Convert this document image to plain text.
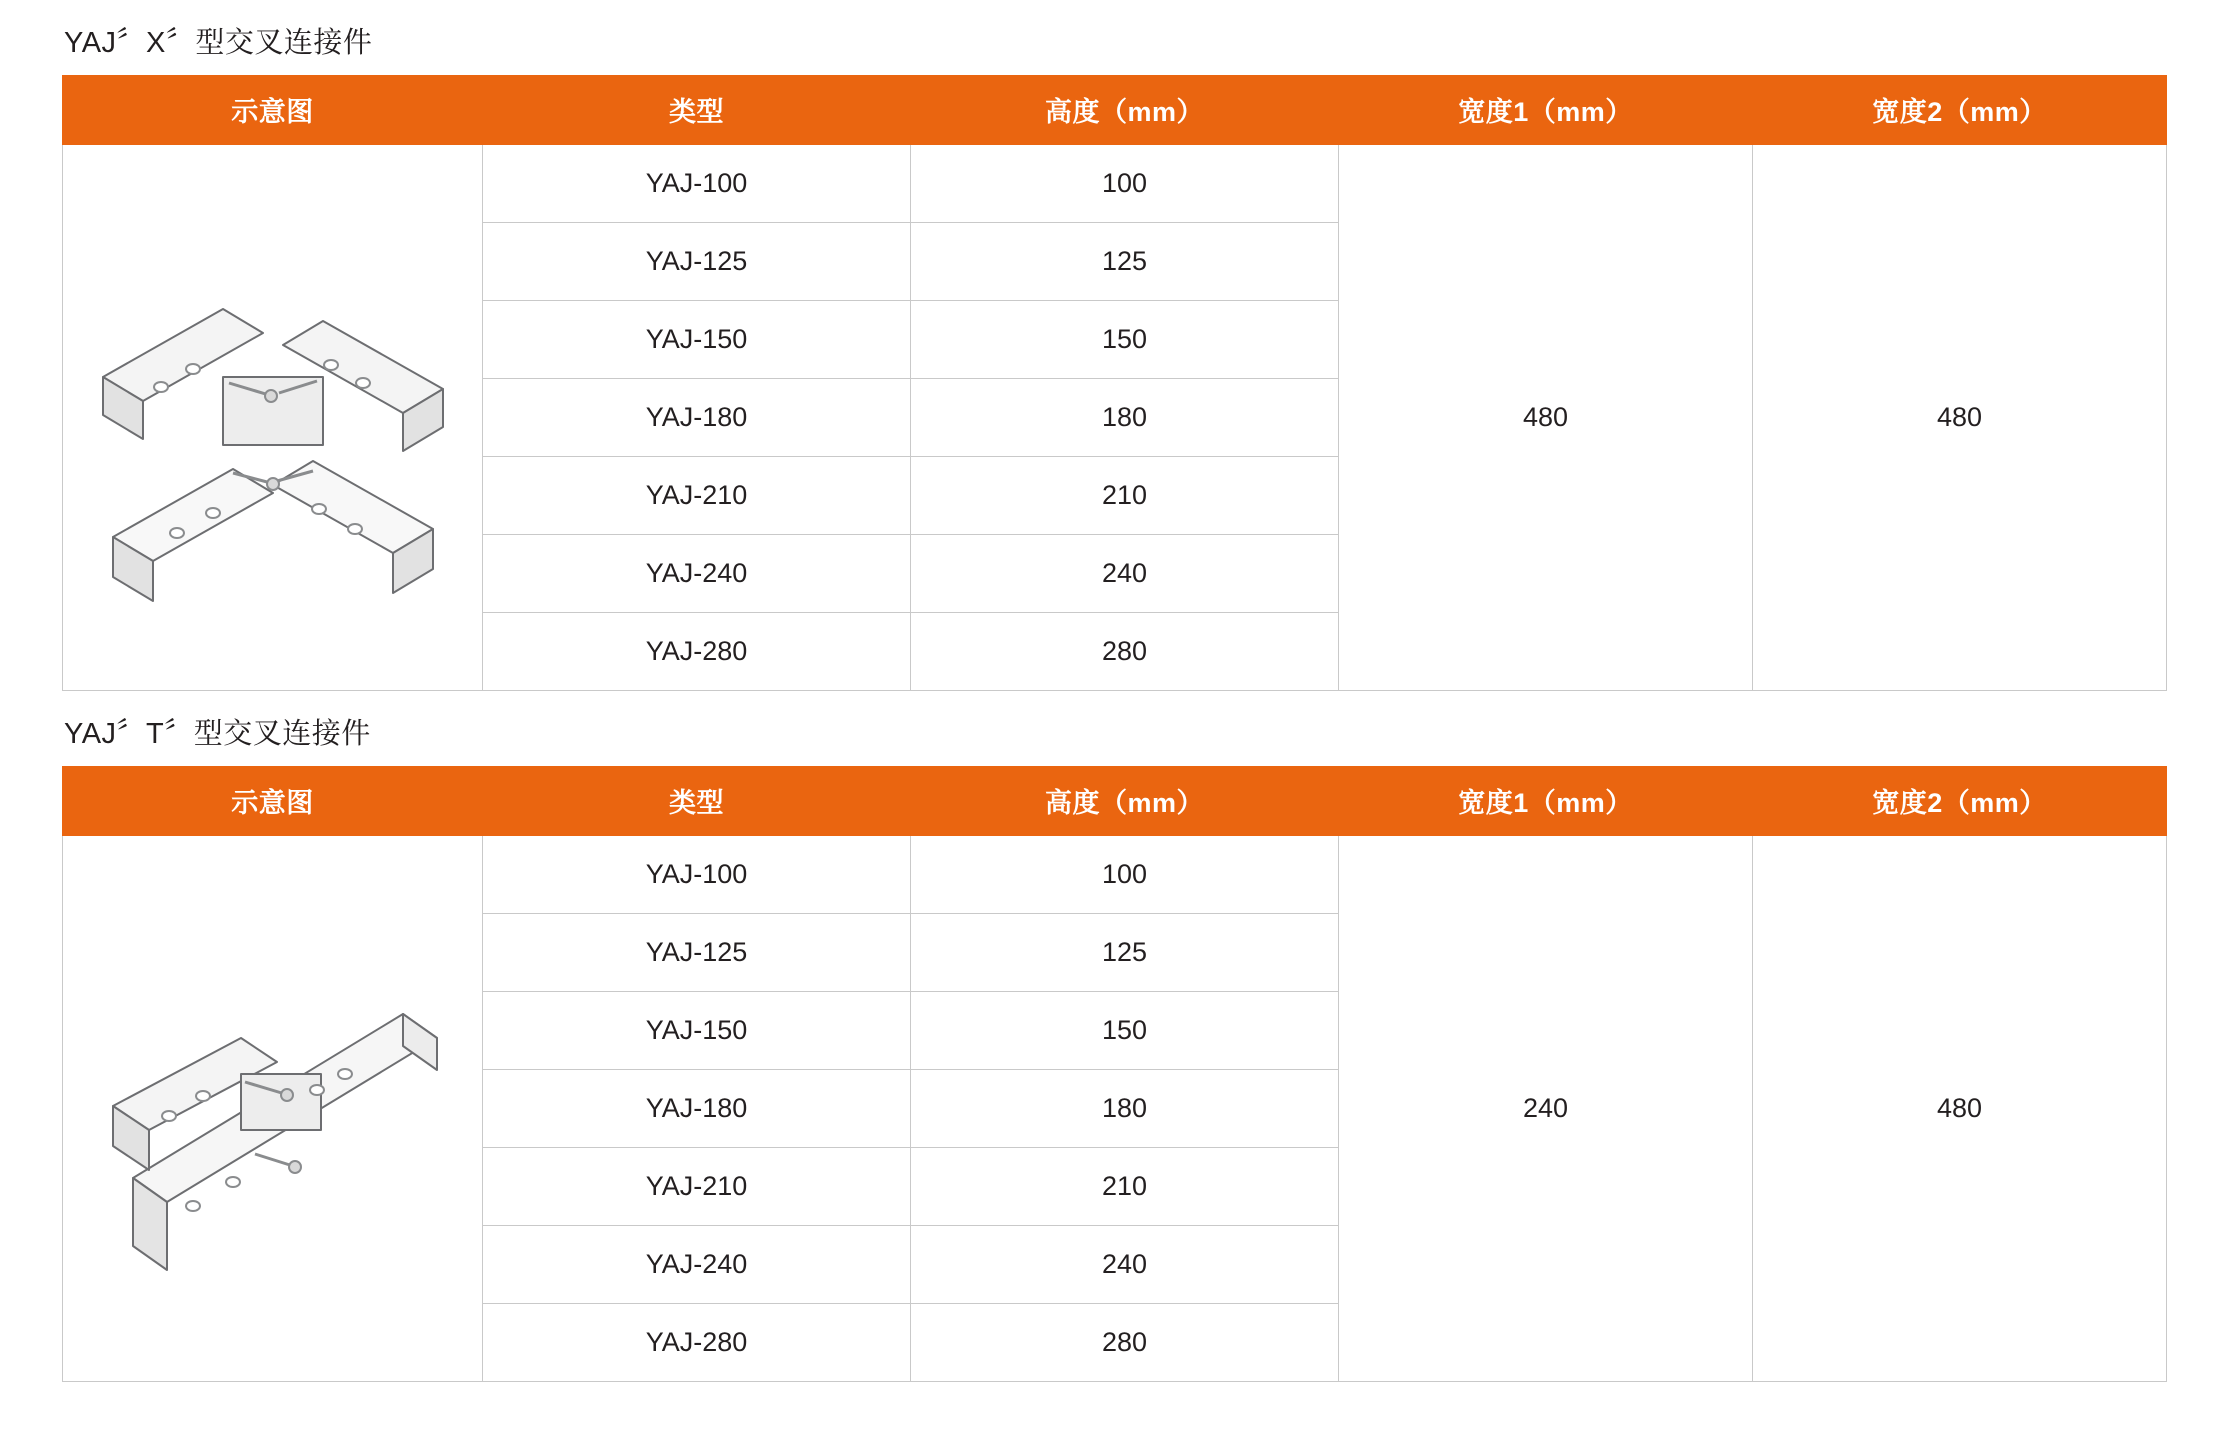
YAJ〞X〞型交叉连接件
示意图	类型	高度（mm）	宽度1（mm）	宽度2（mm）

	YAJ-100	100	480	480
	YAJ-125	125		
	YAJ-150	150		
	YAJ-180	180		
	YAJ-210	210		
	YAJ-240	240		
	YAJ-280	280		
YAJ〞T〞型交叉连接件
示意图	类型	高度（mm）	宽度1（mm）	宽度2（mm）

	YAJ-100	100	240	480
	YAJ-125	125		
	YAJ-150	150		
	YAJ-180	180		
	YAJ-210	210		
	YAJ-240	240		
	YAJ-280	280		
